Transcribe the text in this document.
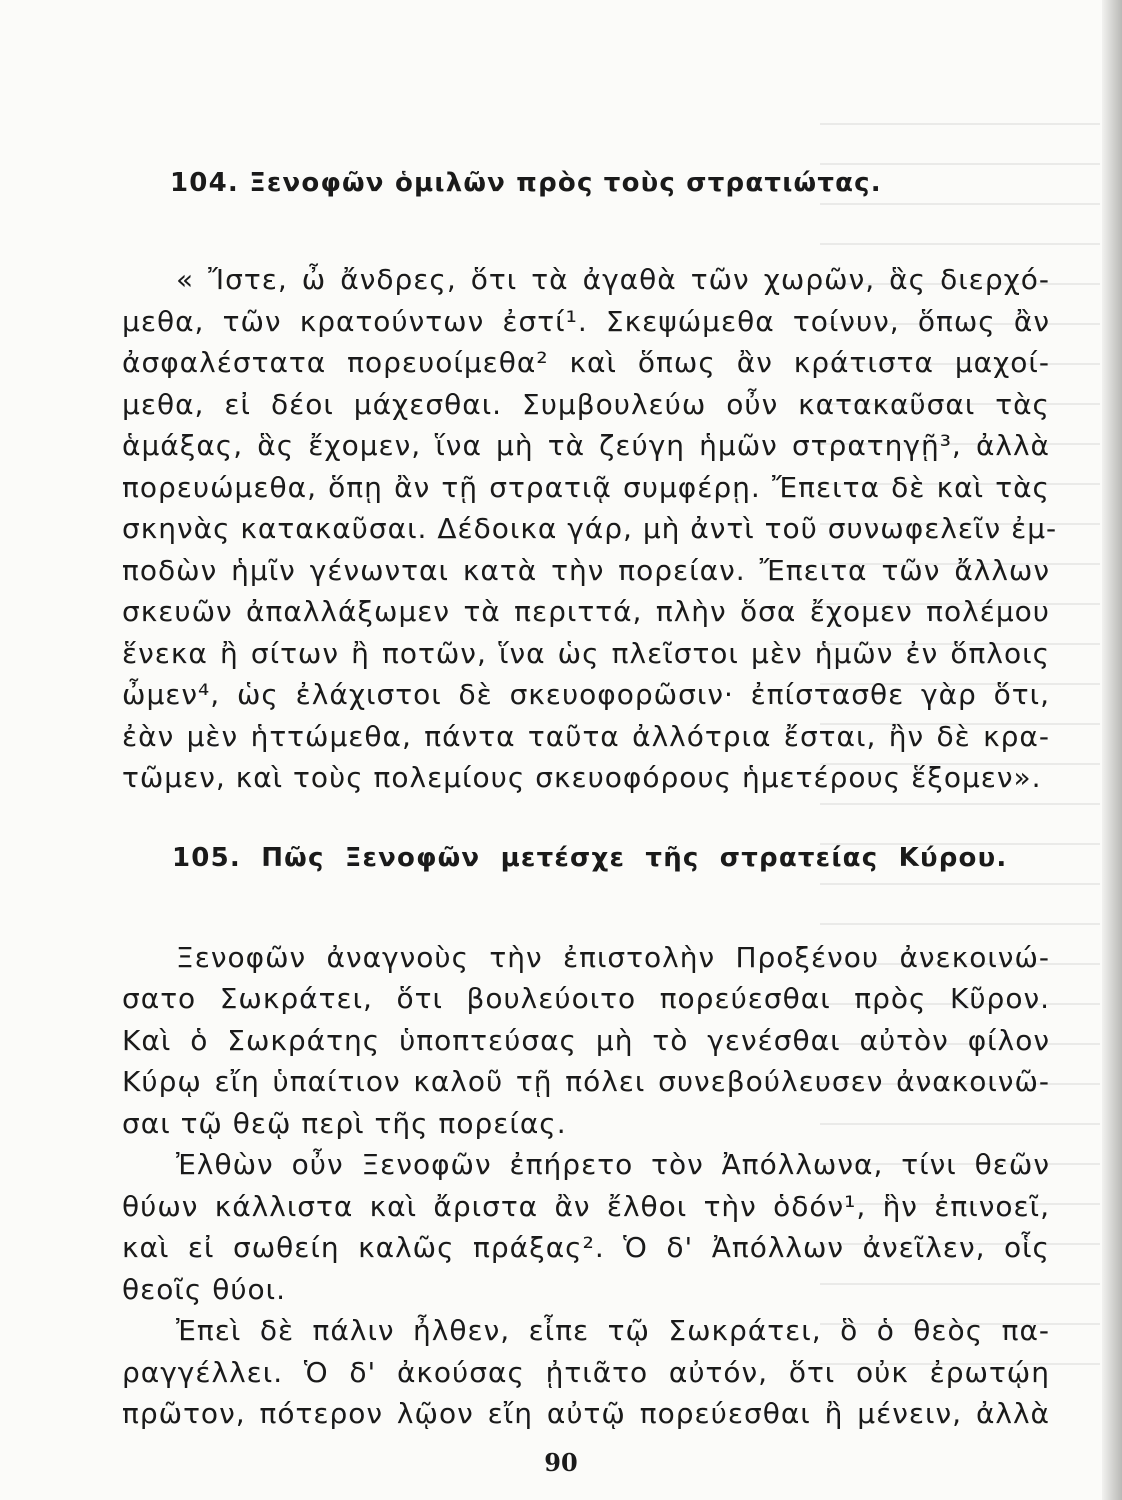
104. Ξενοφῶν ὁμιλῶν πρὸς τοὺς στρατιώτας.
« Ἴστε, ὦ ἄνδρες, ὅτι τὰ ἀγαθὰ τῶν χωρῶν, ἃς διερχό-
μεθα, τῶν κρατούντων ἐστί¹. Σκεψώμεθα τοίνυν, ὅπως ἂν
ἀσφαλέστατα πορευοίμεθα² καὶ ὅπως ἂν κράτιστα μαχοί-
μεθα, εἰ δέοι μάχεσθαι. Συμβουλεύω οὖν κατακαῦσαι τὰς
ἁμάξας, ἃς ἔχομεν, ἵνα μὴ τὰ ζεύγη ἡμῶν στρατηγῇ³, ἀλλὰ
πορευώμεθα, ὅπῃ ἂν τῇ στρατιᾷ συμφέρῃ. Ἔπειτα δὲ καὶ τὰς
σκηνὰς κατακαῦσαι. Δέδοικα γάρ, μὴ ἀντὶ τοῦ συνωφελεῖν ἐμ-
ποδὼν ἡμῖν γένωνται κατὰ τὴν πορείαν. Ἔπειτα τῶν ἄλλων
σκευῶν ἀπαλλάξωμεν τὰ περιττά, πλὴν ὅσα ἔχομεν πολέμου
ἕνεκα ἢ σίτων ἢ ποτῶν, ἵνα ὡς πλεῖστοι μὲν ἡμῶν ἐν ὅπλοις
ὦμεν⁴, ὡς ἐλάχιστοι δὲ σκευοφορῶσιν· ἐπίστασθε γὰρ ὅτι,
ἐὰν μὲν ἡττώμεθα, πάντα ταῦτα ἀλλότρια ἔσται, ἢν δὲ κρα-
τῶμεν, καὶ τοὺς πολεμίους σκευοφόρους ἡμετέρους ἕξομεν».
105. Πῶς Ξενοφῶν μετέσχε τῆς στρατείας Κύρου.
Ξενοφῶν ἀναγνοὺς τὴν ἐπιστολὴν Προξένου ἀνεκοινώ-
σατο Σωκράτει, ὅτι βουλεύοιτο πορεύεσθαι πρὸς Κῦρον.
Καὶ ὁ Σωκράτης ὑποπτεύσας μὴ τὸ γενέσθαι αὐτὸν φίλον
Κύρῳ εἴη ὑπαίτιον καλοῦ τῇ πόλει συνεβούλευσεν ἀνακοινῶ-
σαι τῷ θεῷ περὶ τῆς πορείας.
Ἐλθὼν οὖν Ξενοφῶν ἐπήρετο τὸν Ἀπόλλωνα, τίνι θεῶν
θύων κάλλιστα καὶ ἄριστα ἂν ἔλθοι τὴν ὁδόν¹, ἣν ἐπινοεῖ,
καὶ εἰ σωθείη καλῶς πράξας². Ὁ δ' Ἀπόλλων ἀνεῖλεν, οἷς
θεοῖς θύοι.
Ἐπεὶ δὲ πάλιν ἦλθεν, εἶπε τῷ Σωκράτει, ὃ ὁ θεὸς πα-
ραγγέλλει. Ὁ δ' ἀκούσας ᾐτιᾶτο αὐτόν, ὅτι οὐκ ἐρωτῴη
πρῶτον, πότερον λῷον εἴη αὐτῷ πορεύεσθαι ἢ μένειν, ἀλλὰ
90
